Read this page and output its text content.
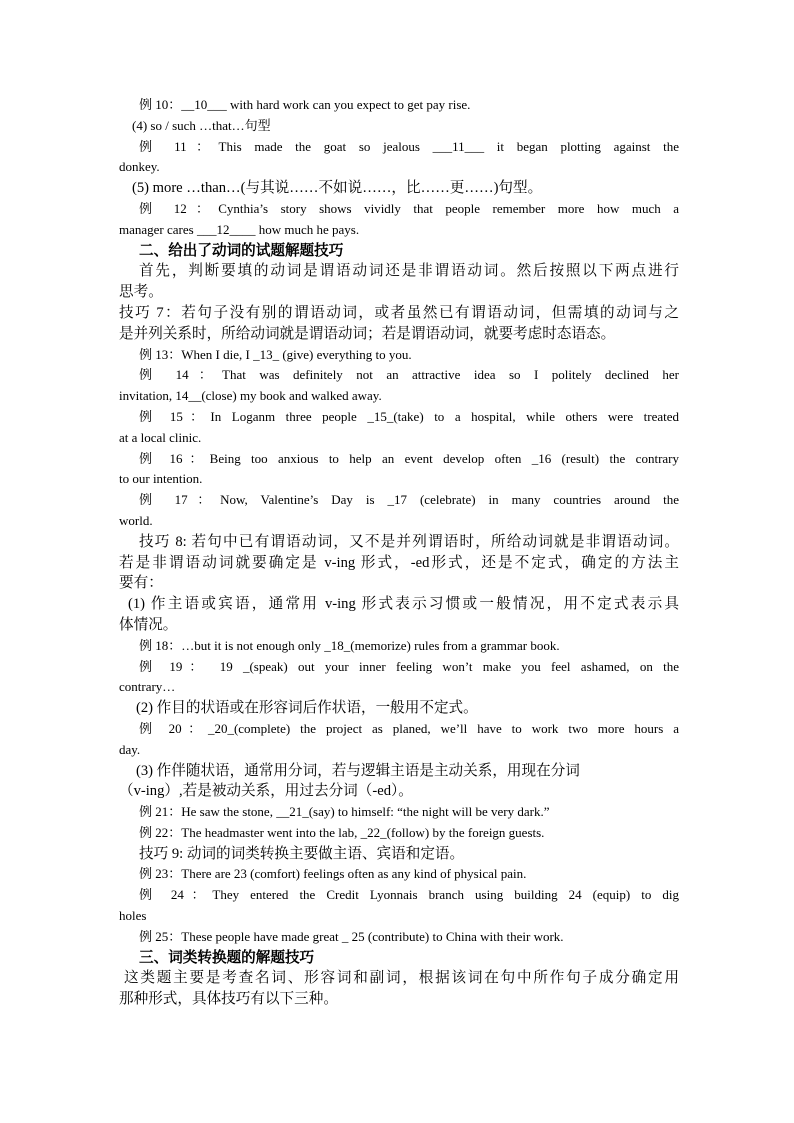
例 10：__10___ with hard work can you expect to get pay rise.
(4) so / such …that…句型
例 11：This made the goat so jealous ___11___ it began plotting against the
donkey.
(5) more …than…(与其说……不如说……，比……更……)句型。
例 12：Cynthia’s story shows vividly that people remember more how much a
manager cares ___12____ how much he pays.
二、给出了动词的试题解题技巧
首先，判断要填的动词是谓语动词还是非谓语动词。然后按照以下两点进行
思考。
技巧 7：若句子没有别的谓语动词，或者虽然已有谓语动词，但需填的动词与之
是并列关系时，所给动词就是谓语动词；若是谓语动词，就要考虑时态语态。
例 13：When I die, I _13_ (give) everything to you.
例 14：That was definitely not an attractive idea so I politely declined her
invitation, 14__(close) my book and walked away.
例 15：In Loganm three people _15_(take) to a hospital, while others were treated
at a local clinic.
例 16：Being too anxious to help an event develop often _16 (result) the contrary
to our intention.
例 17：Now, Valentine’s Day is _17 (celebrate) in many countries around the
world.
技巧 8: 若句中已有谓语动词，又不是并列谓语时，所给动词就是非谓语动词。
若是非谓语动词就要确定是 v-ing 形式，-ed形式，还是不定式，确定的方法主
要有：
(1) 作主语或宾语，通常用 v-ing 形式表示习惯或一般情况，用不定式表示具
体情况。
例 18：…but it is not enough only _18_(memorize) rules from a grammar book.
例 19： 19 _(speak) out your inner feeling won’t make you feel ashamed, on the
contrary…
(2) 作目的状语或在形容词后作状语，一般用不定式。
例 20：_20_(complete) the project as planed, we’ll have to work two more hours a
day.
(3) 作伴随状语，通常用分词，若与逻辑主语是主动关系，用现在分词
（v-ing）,若是被动关系，用过去分词（-ed）。
例 21：He saw the stone, __21_(say) to himself: “the night will be very dark.”
例 22：The headmaster went into the lab, _22_(follow) by the foreign guests.
技巧 9: 动词的词类转换主要做主语、宾语和定语。
例 23：There are 23 (comfort) feelings often as any kind of physical pain.
例 24：They entered the Credit Lyonnais branch using building 24 (equip) to dig
holes
例 25：These people have made great _ 25 (contribute) to China with their work.
三、词类转换题的解题技巧
这类题主要是考查名词、形容词和副词，根据该词在句中所作句子成分确定用
那种形式，具体技巧有以下三种。
